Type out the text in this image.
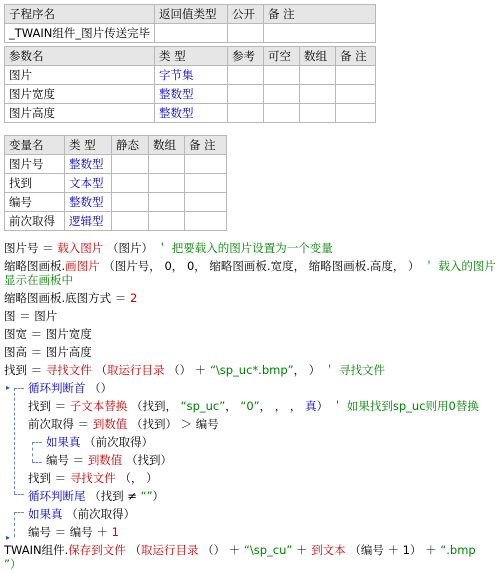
子程序名	返回值类型	公开	备 注
_TWAIN组件_图片传送完毕			
参数名	类 型	参考	可空	数组	备 注
图片	字节集				
图片宽度	整数型				
图片高度	整数型				
变量名	类 型	静态	数组	备 注
图片号	整数型			
找到	文本型			
编号	整数型			
前次取得	逻辑型			
图片号 ＝ 载入图片 （图片） ＇ 把要载入的图片设置为一个变量
缩略图画板.画图片 （图片号， 0， 0， 缩略图画板.宽度， 缩略图画板.高度， ） ＇ 载入的图片
显示在画板中
缩略图画板.底图方式 ＝ 2
图 ＝ 图片
图宽 ＝ 图片宽度
图高 ＝ 图片高度
找到 ＝ 寻找文件 （取运行目录 （） ＋ “\sp_uc*.bmp”， ） ＇ 寻找文件
▸ 循环判断首 （）
找到 ＝ 子文本替换 （找到， “sp_uc”， “0”， ， ， 真） ＇ 如果找到sp_uc则用0替换
前次取得 ＝ 到数值 （找到） ＞ 编号
如果真 （前次取得）
编号 ＝ 到数值 （找到）
找到 ＝ 寻找文件 （， ）
循环判断尾 （找到 ≠ “”）
▸
如果真 （前次取得）
编号 ＝ 编号 ＋ 1
TWAIN组件.保存到文件 （取运行目录 （） ＋ “\sp_cu” ＋ 到文本 （编号 ＋ 1） ＋ “.bmp
”）
